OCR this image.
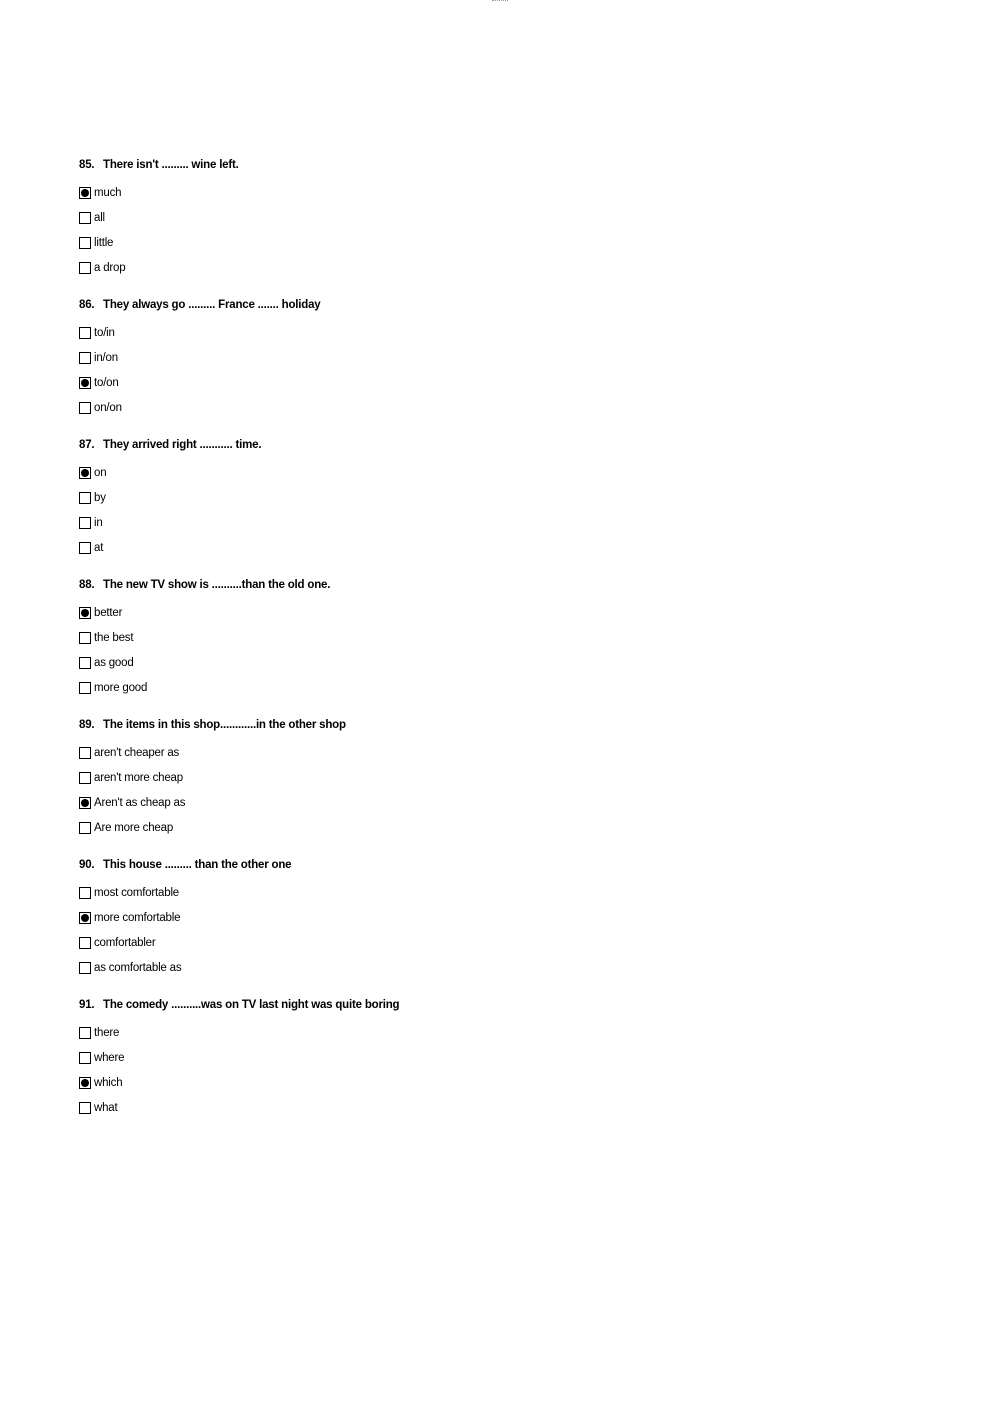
85. There isn't ......... wine left.
much
all
little
a drop
86. They always go ......... France ....... holiday
to/in
in/on
to/on
on/on
87. They arrived right ........... time.
on
by
in
at
88. The new TV show is ..........than the old one.
better
the best
as good
more good
89. The items in this shop............in the other shop
aren't cheaper as
aren't more cheap
Aren't as cheap as
Are more cheap
90. This house ......... than the other one
most comfortable
more comfortable
comfortabler
as comfortable as
91. The comedy ..........was on TV last night was quite boring
there
where
which
what
